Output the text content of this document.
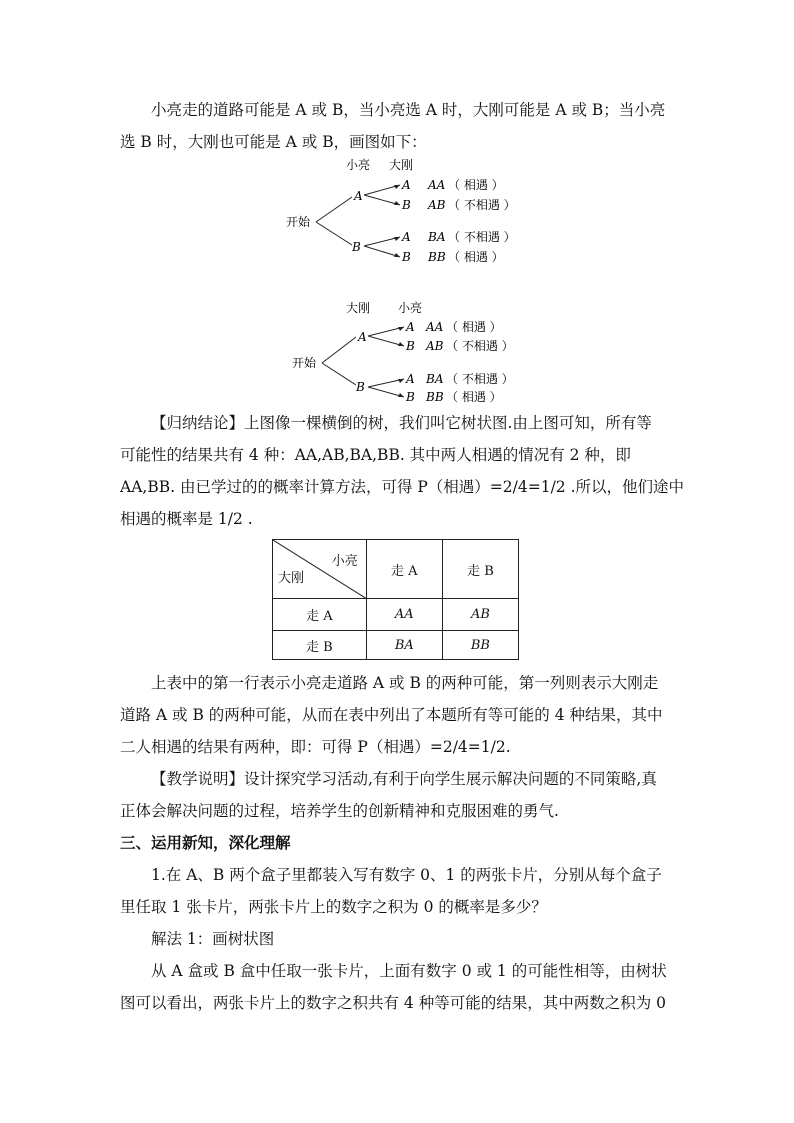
小亮走的道路可能是 A 或 B，当小亮选 A 时，大刚可能是 A 或 B；当小亮
选 B 时，大刚也可能是 A 或 B，画图如下：
小亮 大刚
开始
A
B
A AA （ 相遇 ）
B AB （ 不相遇 ）
A BA （ 不相遇 ）
B BB （ 相遇 ）
大刚 小亮
开始
A
B
A AA （ 相遇 ）
B AB （ 不相遇 ）
A BA （ 不相遇 ）
B BB （ 相遇 ）
【归纳结论】上图像一棵横倒的树，我们叫它树状图.由上图可知，所有等
可能性的结果共有 4 种：AA,AB,BA,BB. 其中两人相遇的情况有 2 种，即
AA,BB. 由已学过的的概率计算方法，可得 P（相遇）=2/4=1/2 .所以，他们途中
相遇的概率是 1/2 .
小亮
大刚	走 A	走 B
走 A	AA	AB
走 B	BA	BB
上表中的第一行表示小亮走道路 A 或 B 的两种可能，第一列则表示大刚走
道路 A 或 B 的两种可能，从而在表中列出了本题所有等可能的 4 种结果，其中
二人相遇的结果有两种，即：可得 P（相遇）=2/4=1/2.
【教学说明】设计探究学习活动,有利于向学生展示解决问题的不同策略,真
正体会解决问题的过程，培养学生的创新精神和克服困难的勇气.
三、运用新知，深化理解
1.在 A、B 两个盒子里都装入写有数字 0、1 的两张卡片，分别从每个盒子
里任取 1 张卡片，两张卡片上的数字之积为 0 的概率是多少？
解法 1：画树状图
从 A 盒或 B 盒中任取一张卡片，上面有数字 0 或 1 的可能性相等，由树状
图可以看出，两张卡片上的数字之积共有 4 种等可能的结果，其中两数之积为 0
